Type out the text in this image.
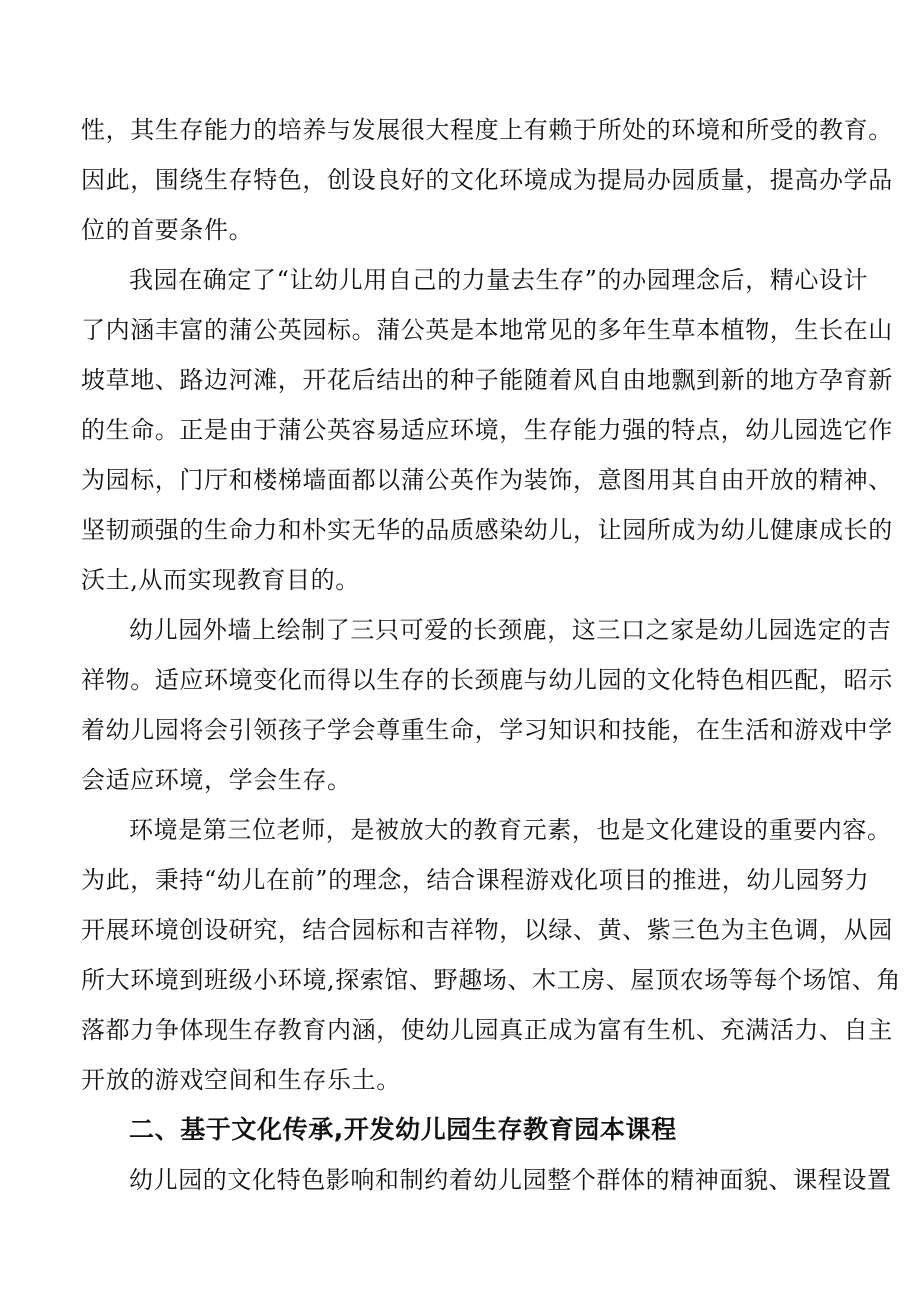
性，其生存能力的培养与发展很大程度上有赖于所处的环境和所受的教育。
因此，围绕生存特色，创设良好的文化环境成为提局办园质量，提高办学品
位的首要条件。
我园在确定了“让幼儿用自己的力量去生存”的办园理念后，精心设计
了内涵丰富的蒲公英园标。蒲公英是本地常见的多年生草本植物，生长在山
坡草地、路边河滩，开花后结出的种子能随着风自由地飘到新的地方孕育新
的生命。正是由于蒲公英容易适应环境，生存能力强的特点，幼儿园选它作
为园标，门厅和楼梯墙面都以蒲公英作为装饰，意图用其自由开放的精神、
坚韧顽强的生命力和朴实无华的品质感染幼儿，让园所成为幼儿健康成长的
沃土,从而实现教育目的。
幼儿园外墙上绘制了三只可爱的长颈鹿，这三口之家是幼儿园选定的吉
祥物。适应环境变化而得以生存的长颈鹿与幼儿园的文化特色相匹配，昭示
着幼儿园将会引领孩子学会尊重生命，学习知识和技能，在生活和游戏中学
会适应环境，学会生存。
环境是第三位老师，是被放大的教育元素，也是文化建设的重要内容。
为此，秉持“幼儿在前”的理念，结合课程游戏化项目的推进，幼儿园努力
开展环境创设研究，结合园标和吉祥物，以绿、黄、紫三色为主色调，从园
所大环境到班级小环境,探索馆、野趣场、木工房、屋顶农场等每个场馆、角
落都力争体现生存教育内涵，使幼儿园真正成为富有生机、充满活力、自主
开放的游戏空间和生存乐土。
二、基于文化传承,开发幼儿园生存教育园本课程
幼儿园的文化特色影响和制约着幼儿园整个群体的精神面貌、课程设置
